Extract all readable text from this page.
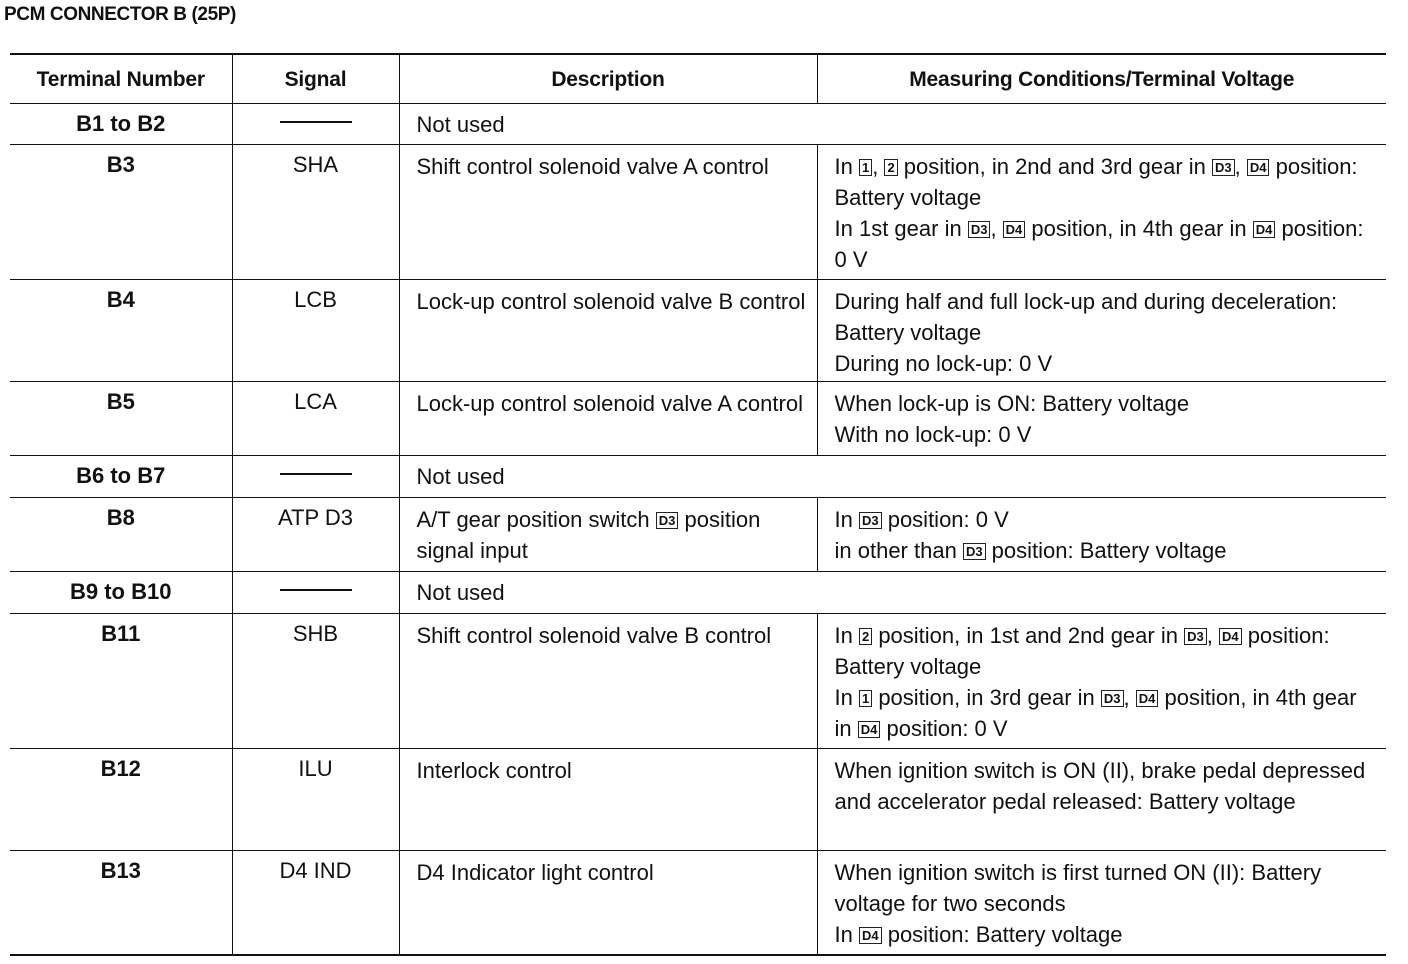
PCM CONNECTOR B (25P)
Terminal Number	Signal	Description	Measuring Conditions/Terminal Voltage
B1 to B2		Not used	
B3	SHA	Shift control solenoid valve A control	In 1 , 2 position, in 2nd and 3rd gear in D3 , D4 position: Battery voltage
In 1st gear in D3 , D4 position, in 4th gear in D4 position: 0 V
B4	LCB	Lock-up control solenoid valve B control	During half and full lock-up and during deceleration: Battery voltage
During no lock-up: 0 V
B5	LCA	Lock-up control solenoid valve A control	When lock-up is ON: Battery voltage
With no lock-up: 0 V
B6 to B7		Not used	
B8	ATP D3	A/T gear position switch D3 position signal input	In D3 position: 0 V
in other than D3 position: Battery voltage
B9 to B10		Not used	
B11	SHB	Shift control solenoid valve B control	In 2 position, in 1st and 2nd gear in D3 , D4 position: Battery voltage
In 1 position, in 3rd gear in D3 , D4 position, in 4th gear in D4 position: 0 V
B12	ILU	Interlock control	When ignition switch is ON (II), brake pedal depressed and accelerator pedal released: Battery voltage
B13	D4 IND	D4 Indicator light control	When ignition switch is first turned ON (II): Battery voltage for two seconds
In D4 position: Battery voltage
